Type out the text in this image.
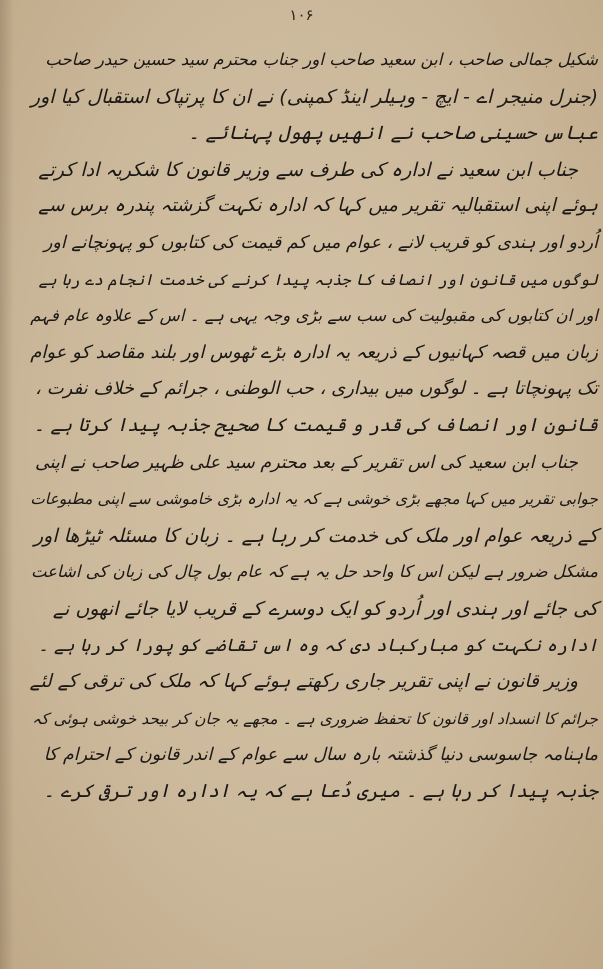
۱۰۶
شکیل جمالی صاحب ، ابن سعید صاحب اور جناب محترم سید حسین حیدر صاحب
(جنرل منیجر اے - ایچ - وہیلر اینڈ کمپنی) نے ان کا پرتپاک استقبال کیا اور
عباس حسینی صاحب نے انھیں پھول پہنائے ۔
جناب ابن سعید نے ادارہ کی طرف سے وزیر قانون کا شکریہ ادا کرتے
ہوئے اپنی استقبالیہ تقریر میں کہا کہ ادارہ نکہت گزشتہ پندرہ برس سے
اُردو اور ہندی کو قریب لانے ، عوام میں کم قیمت کی کتابوں کو پہونچانے اور
لوگوں میں قانون اور انصاف کا جذبہ پیدا کرنے کی خدمت انجام دے رہا ہے
اور ان کتابوں کی مقبولیت کی سب سے بڑی وجہ یہی ہے ۔ اس کے علاوہ عام فہم
زبان میں قصہ کہانیوں کے ذریعہ یہ ادارہ بڑے ٹھوس اور بلند مقاصد کو عوام
تک پہونچاتا ہے ۔ لوگوں میں بیداری ، حب الوطنی ، جرائم کے خلاف نفرت ،
قانون اور انصاف کی قدر و قیمت کا صحیح جذبہ پیدا کرتا ہے ۔
جناب ابن سعید کی اس تقریر کے بعد محترم سید علی ظہیر صاحب نے اپنی
جوابی تقریر میں کہا مجھے بڑی خوشی ہے کہ یہ ادارہ بڑی خاموشی سے اپنی مطبوعات
کے ذریعہ عوام اور ملک کی خدمت کر رہا ہے ۔ زبان کا مسئلہ ٹیڑھا اور
مشکل ضرور ہے لیکن اس کا واحد حل یہ ہے کہ عام بول چال کی زبان کی اشاعت
کی جائے اور ہندی اور اُردو کو ایک دوسرے کے قریب لایا جائے انھوں نے
ادارہ نکہت کو مبارکباد دی کہ وہ اس تقاضے کو پورا کر رہا ہے ۔
وزیر قانون نے اپنی تقریر جاری رکھتے ہوئے کہا کہ ملک کی ترقی کے لئے
جرائم کا انسداد اور قانون کا تحفظ ضروری ہے ۔ مجھے یہ جان کر بیحد خوشی ہوئی کہ
ماہنامہ جاسوسی دنیا گذشتہ بارہ سال سے عوام کے اندر قانون کے احترام کا
جذبہ پیدا کر رہا ہے ۔ میری دُعا ہے کہ یہ ادارہ اور ترقی کرے ۔
